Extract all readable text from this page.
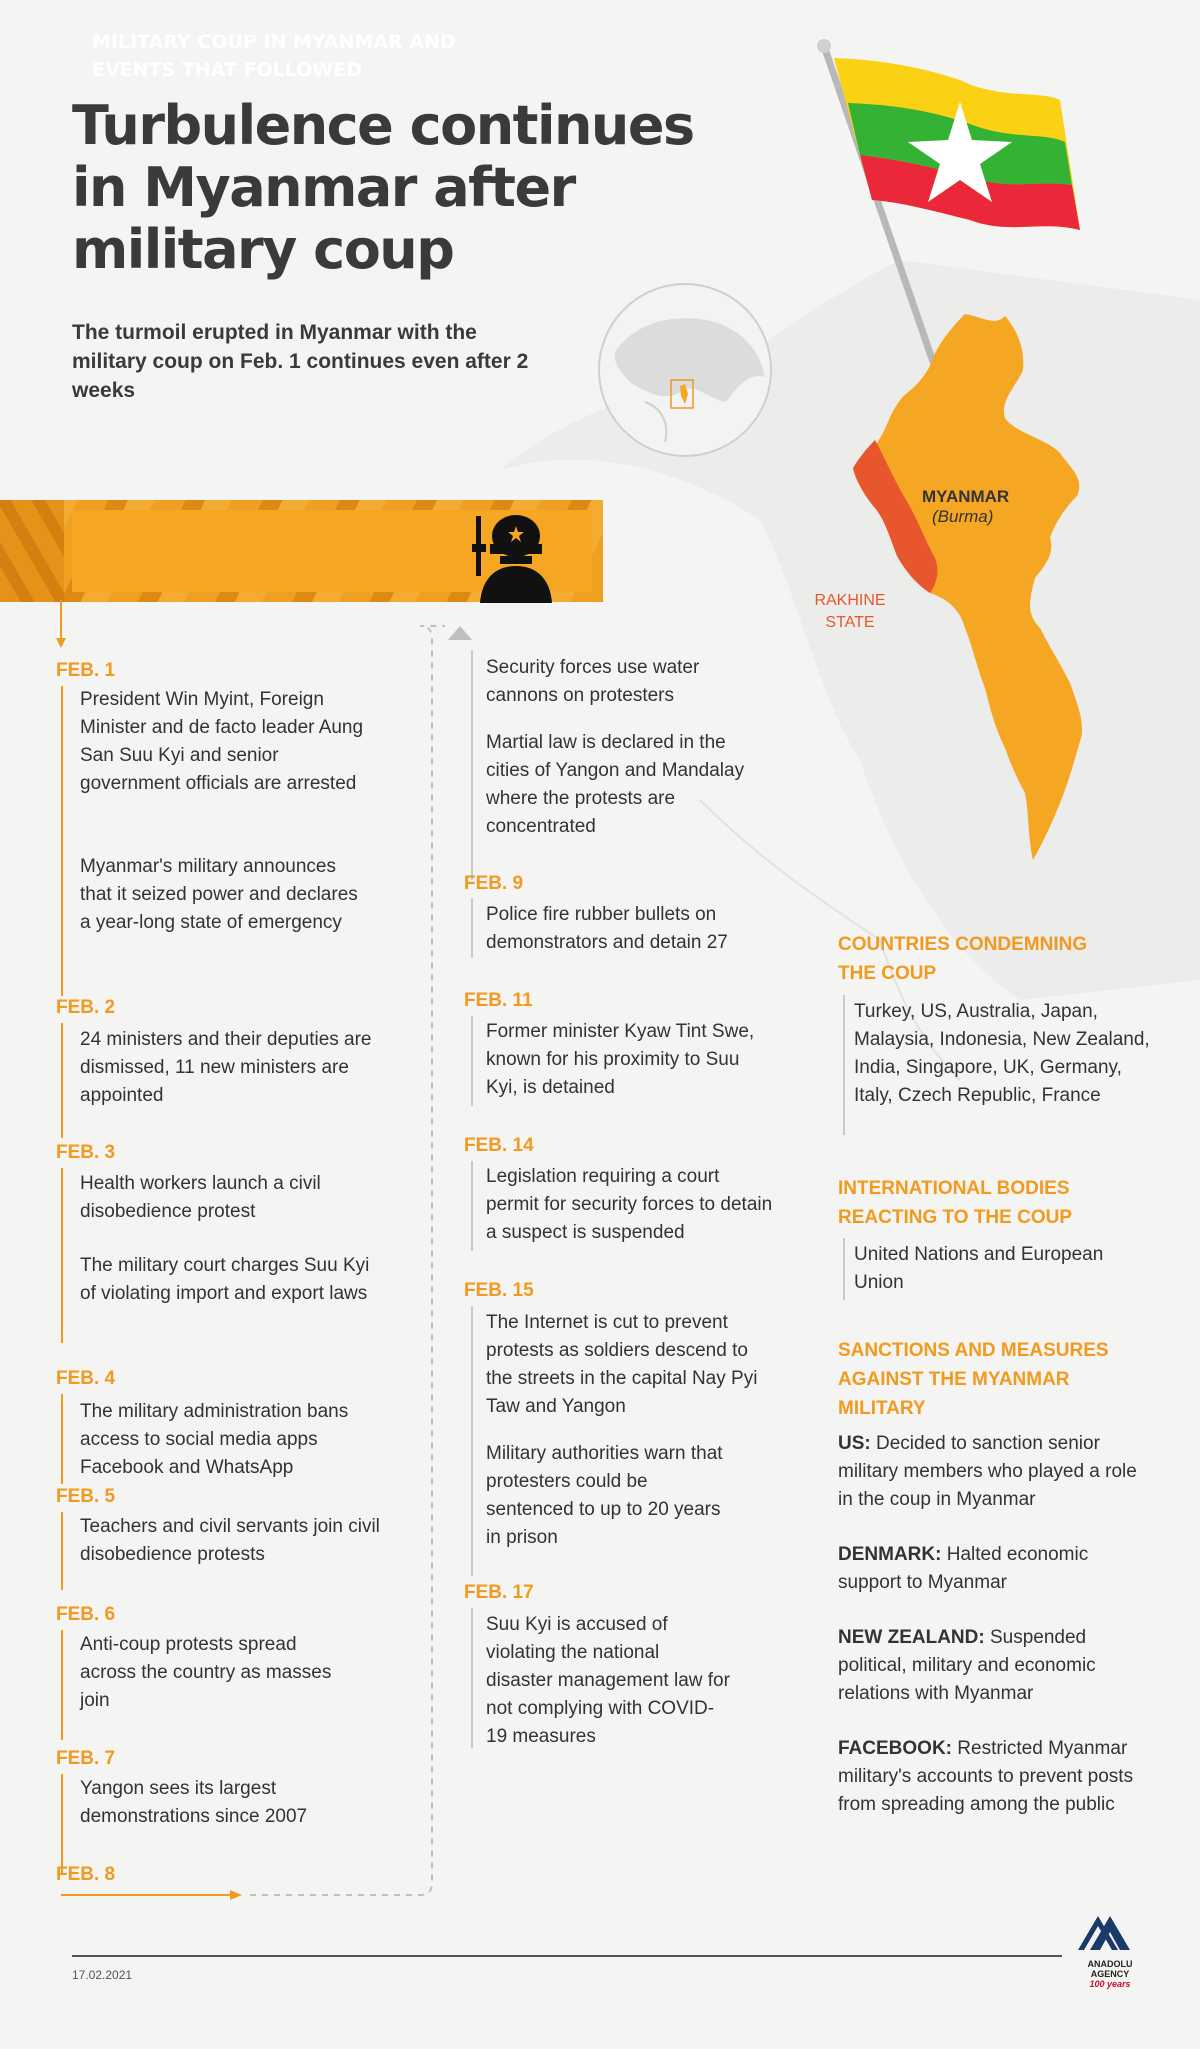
Turbulence continues in Myanmar after military coup

The turmoil erupted in Myanmar with the military coup on Feb. 1 continues even after 2 weeks

MYANMAR
(Burma)
RAKHINE STATE
MILITARY COUP IN MYANMAR AND EVENTS THAT FOLLOWED
FEB. 1
President Win Myint, Foreign Minister and de facto leader Aung San Suu Kyi and senior government officials are arrested
Myanmar's military announces that it seized power and declares a year-long state of emergency
FEB. 2
24 ministers and their deputies are dismissed, 11 new ministers are appointed
FEB. 3
Health workers launch a civil disobedience protest
The military court charges Suu Kyi of violating import and export laws
FEB. 4
The military administration bans access to social media apps Facebook and WhatsApp
FEB. 5
Teachers and civil servants join civil disobedience protests
FEB. 6
Anti-coup protests spread across the country as masses join
FEB. 7
Yangon sees its largest demonstrations since 2007
FEB. 8
Security forces use water cannons on protesters
Martial law is declared in the cities of Yangon and Mandalay where the protests are concentrated
FEB. 9
Police fire rubber bullets on demonstrators and detain 27
FEB. 11
Former minister Kyaw Tint Swe, known for his proximity to Suu Kyi, is detained
FEB. 14
Legislation requiring a court permit for security forces to detain a suspect is suspended
FEB. 15
The Internet is cut to prevent protests as soldiers descend to the streets in the capital Nay Pyi Taw and Yangon
Military authorities warn that protesters could be sentenced to up to 20 years in prison
FEB. 17
Suu Kyi is accused of violating the national disaster management law for not complying with COVID-19 measures
COUNTRIES CONDEMNING THE COUP
Turkey, US, Australia, Japan, Malaysia, Indonesia, New Zealand, India, Singapore, UK, Germany, Italy, Czech Republic, France
INTERNATIONAL BODIES REACTING TO THE COUP
United Nations and European Union
SANCTIONS AND MEASURES AGAINST THE MYANMAR MILITARY
US: Decided to sanction senior military members who played a role in the coup in Myanmar
DENMARK: Halted economic support to Myanmar
NEW ZEALAND: Suspended political, military and economic relations with Myanmar
FACEBOOK: Restricted Myanmar military's accounts to prevent posts from spreading among the public
17.02.2021
ANADOLU AGENCY
100 years
